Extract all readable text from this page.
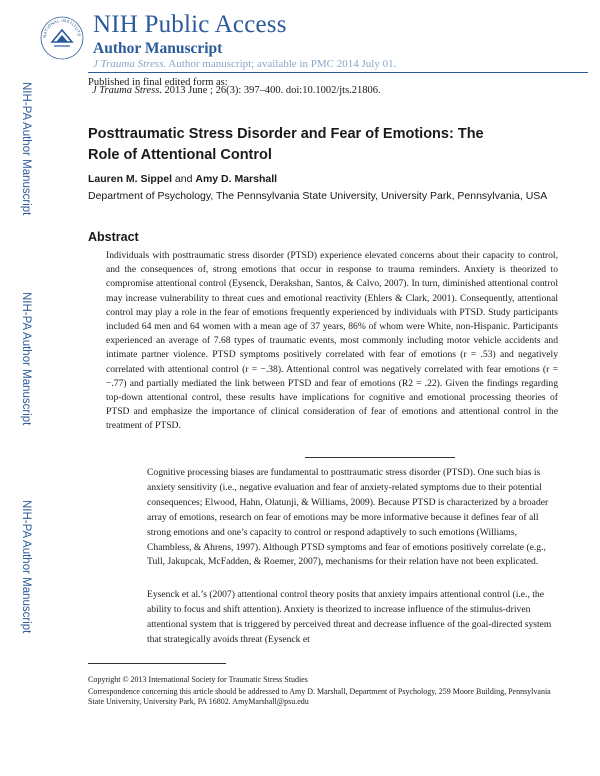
NIH-PA Author Manuscript
NIH-PA Author Manuscript
NIH-PA Author Manuscript
NATIONAL INSTITUTE NIH Public Access
Author Manuscript
J Trauma Stress. Author manuscript; available in PMC 2014 July 01.
Published in final edited form as:
J Trauma Stress. 2013 June ; 26(3): 397–400. doi:10.1002/jts.21806.
Posttraumatic Stress Disorder and Fear of Emotions: The Role of Attentional Control
Lauren M. Sippel and Amy D. Marshall
Department of Psychology, The Pennsylvania State University, University Park, Pennsylvania, USA
Abstract

Individuals with posttraumatic stress disorder (PTSD) experience elevated concerns about their capacity to control, and the consequences of, strong emotions that occur in response to trauma reminders. Anxiety is theorized to compromise attentional control (Eysenck, Derakshan, Santos, & Calvo, 2007). In turn, diminished attentional control may increase vulnerability to threat cues and emotional reactivity (Ehlers & Clark, 2001). Consequently, attentional control may play a role in the fear of emotions frequently experienced by individuals with PTSD. Study participants included 64 men and 64 women with a mean age of 37 years, 86% of whom were White, non-Hispanic. Participants experienced an average of 7.68 types of traumatic events, most commonly including motor vehicle accidents and intimate partner violence. PTSD symptoms positively correlated with fear of emotions (r = .53) and negatively correlated with attentional control (r = −.38). Attentional control was negatively correlated with fear emotions (r = −.77) and partially mediated the link between PTSD and fear of emotions (R2 = .22). Given the findings regarding top-down attentional control, these results have implications for cognitive and emotional processing theories of PTSD and emphasize the importance of clinical consideration of fear of emotions and attentional control in the treatment of PTSD.

Cognitive processing biases are fundamental to posttraumatic stress disorder (PTSD). One such bias is anxiety sensitivity (i.e., negative evaluation and fear of anxiety-related symptoms due to their potential consequences; Elwood, Hahn, Olatunji, & Williams, 2009). Because PTSD is characterized by a broader array of emotions, research on fear of emotions may be more informative because it defines fear of all strong emotions and one’s capacity to control or respond adaptively to such emotions (Williams, Chambless, & Ahrens, 1997). Although PTSD symptoms and fear of emotions positively correlate (e.g., Tull, Jakupcak, McFadden, & Roemer, 2007), mechanisms for their relation have not been explicated.

Eysenck et al.’s (2007) attentional control theory posits that anxiety impairs attentional control (i.e., the ability to focus and shift attention). Anxiety is theorized to increase influence of the stimulus-driven attentional system that is triggered by perceived threat and decrease influence of the goal-directed system that strategically avoids threat (Eysenck et

Copyright © 2013 International Society for Traumatic Stress Studies
Correspondence concerning this article should be addressed to Amy D. Marshall, Department of Psychology, 259 Moore Building, Pennsylvania State University, University Park, PA 16802. AmyMarshall@psu.edu
